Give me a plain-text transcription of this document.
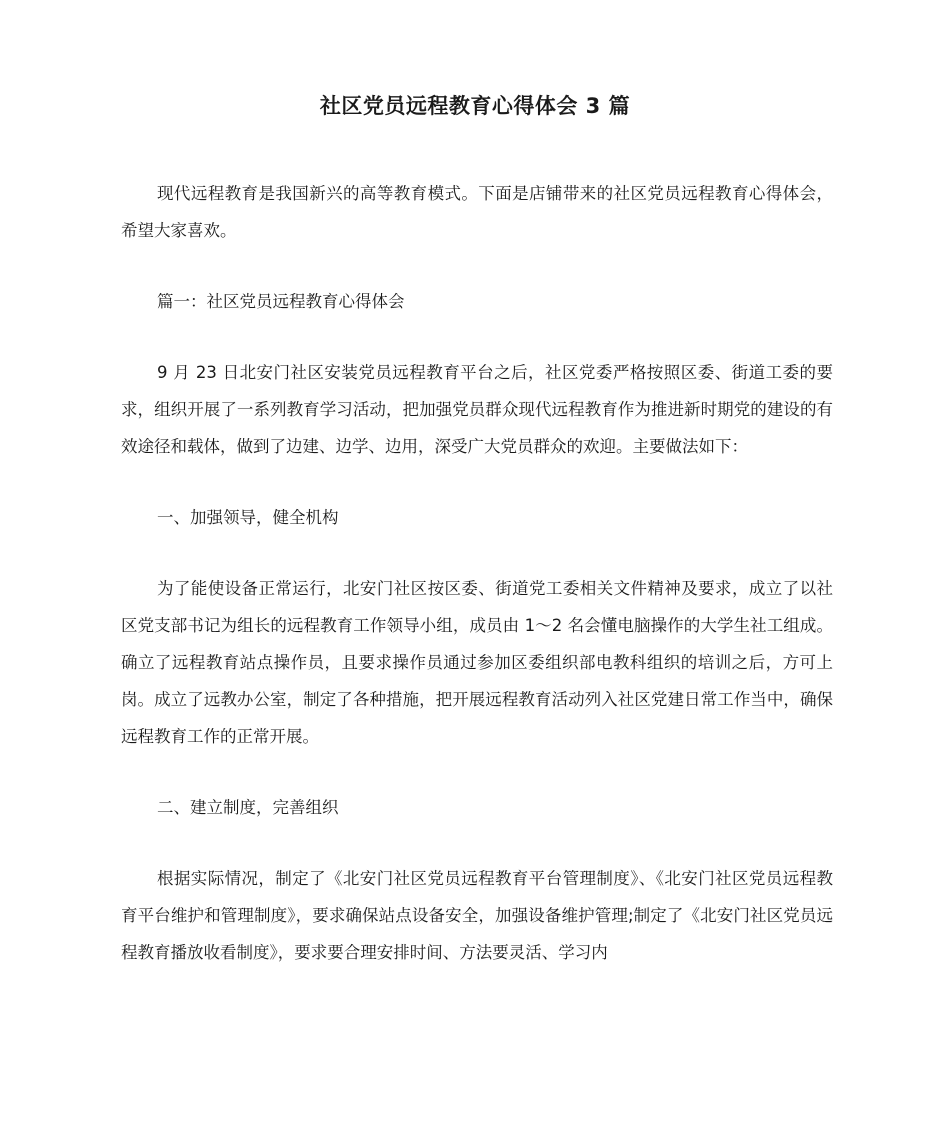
社区党员远程教育心得体会 3 篇

现代远程教育是我国新兴的高等教育模式。下面是店铺带来的社区党员远程教育心得体会，希望大家喜欢。

篇一：社区党员远程教育心得体会

9 月 23 日北安门社区安装党员远程教育平台之后，社区党委严格按照区委、街道工委的要求，组织开展了一系列教育学习活动，把加强党员群众现代远程教育作为推进新时期党的建设的有效途径和载体，做到了边建、边学、边用，深受广大党员群众的欢迎。主要做法如下：

一、加强领导，健全机构

为了能使设备正常运行，北安门社区按区委、街道党工委相关文件精神及要求，成立了以社区党支部书记为组长的远程教育工作领导小组，成员由 1～2 名会懂电脑操作的大学生社工组成。确立了远程教育站点操作员，且要求操作员通过参加区委组织部电教科组织的培训之后，方可上岗。成立了远教办公室，制定了各种措施，把开展远程教育活动列入社区党建日常工作当中，确保远程教育工作的正常开展。

二、建立制度，完善组织

根据实际情况，制定了《北安门社区党员远程教育平台管理制度》、《北安门社区党员远程教育平台维护和管理制度》，要求确保站点设备安全，加强设备维护管理;制定了《北安门社区党员远程教育播放收看制度》，要求要合理安排时间、方法要灵活、学习内
